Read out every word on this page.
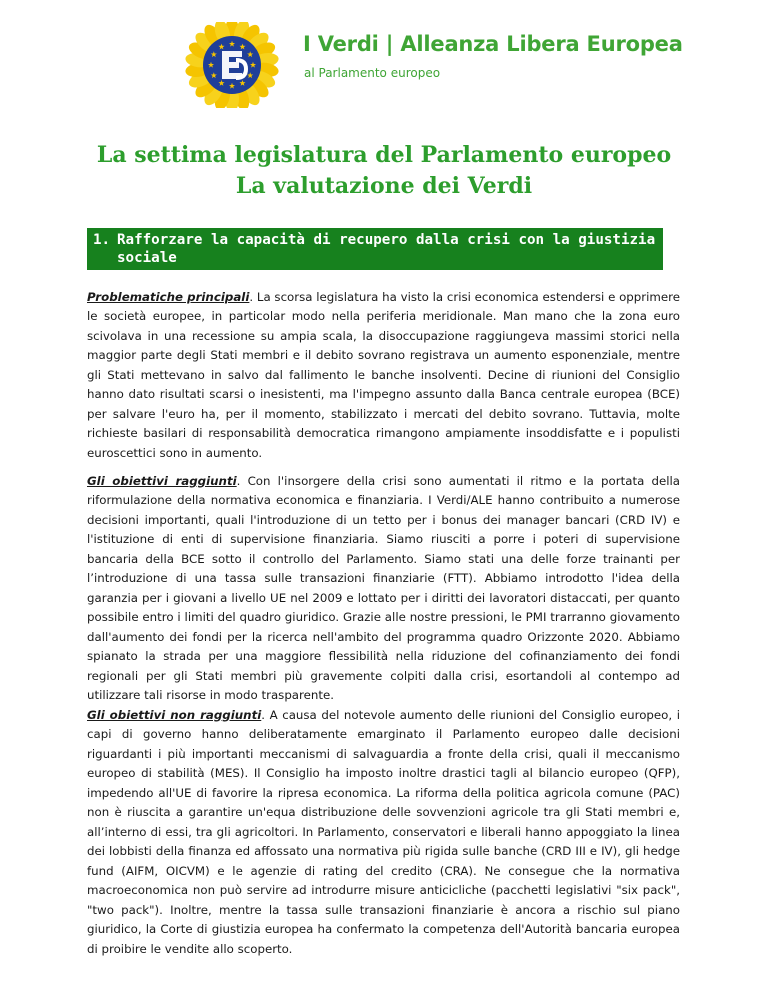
I Verdi | Alleanza Libera Europea
al Parlamento europeo
La settima legislatura del Parlamento europeo
La valutazione dei Verdi
1. Rafforzare la capacità di recupero dalla crisi con la giustizia
sociale

Problematiche principali. La scorsa legislatura ha visto la crisi economica estendersi e opprimere le società europee, in particolar modo nella periferia meridionale. Man mano che la zona euro scivolava in una recessione su ampia scala, la disoccupazione raggiungeva massimi storici nella maggior parte degli Stati membri e il debito sovrano registrava un aumento esponenziale, mentre gli Stati mettevano in salvo dal fallimento le banche insolventi. Decine di riunioni del Consiglio hanno dato risultati scarsi o inesistenti, ma l'impegno assunto dalla Banca centrale europea (BCE) per salvare l'euro ha, per il momento, stabilizzato i mercati del debito sovrano. Tuttavia, molte richieste basilari di responsabilità democratica rimangono ampiamente insoddisfatte e i populisti euroscettici sono in aumento.

Gli obiettivi raggiunti. Con l'insorgere della crisi sono aumentati il ritmo e la portata della riformulazione della normativa economica e finanziaria. I Verdi/ALE hanno contribuito a numerose decisioni importanti, quali l'introduzione di un tetto per i bonus dei manager bancari (CRD IV) e l'istituzione di enti di supervisione finanziaria. Siamo riusciti a porre i poteri di supervisione bancaria della BCE sotto il controllo del Parlamento. Siamo stati una delle forze trainanti per l’introduzione di una tassa sulle transazioni finanziarie (FTT). Abbiamo introdotto l'idea della garanzia per i giovani a livello UE nel 2009 e lottato per i diritti dei lavoratori distaccati, per quanto possibile entro i limiti del quadro giuridico. Grazie alle nostre pressioni, le PMI trarranno giovamento dall'aumento dei fondi per la ricerca nell'ambito del programma quadro Orizzonte 2020. Abbiamo spianato la strada per una maggiore flessibilità nella riduzione del cofinanziamento dei fondi regionali per gli Stati membri più gravemente colpiti dalla crisi, esortandoli al contempo ad utilizzare tali risorse in modo trasparente.

Gli obiettivi non raggiunti. A causa del notevole aumento delle riunioni del Consiglio europeo, i capi di governo hanno deliberatamente emarginato il Parlamento europeo dalle decisioni riguardanti i più importanti meccanismi di salvaguardia a fronte della crisi, quali il meccanismo europeo di stabilità (MES). Il Consiglio ha imposto inoltre drastici tagli al bilancio europeo (QFP), impedendo all'UE di favorire la ripresa economica. La riforma della politica agricola comune (PAC) non è riuscita a garantire un'equa distribuzione delle sovvenzioni agricole tra gli Stati membri e, all’interno di essi, tra gli agricoltori. In Parlamento, conservatori e liberali hanno appoggiato la linea dei lobbisti della finanza ed affossato una normativa più rigida sulle banche (CRD III e IV), gli hedge fund (AIFM, OICVM) e le agenzie di rating del credito (CRA). Ne consegue che la normativa macroeconomica non può servire ad introdurre misure anticicliche (pacchetti legislativi "six pack", "two pack"). Inoltre, mentre la tassa sulle transazioni finanziarie è ancora a rischio sul piano giuridico, la Corte di giustizia europea ha confermato la competenza dell'Autorità bancaria europea di proibire le vendite allo scoperto.
